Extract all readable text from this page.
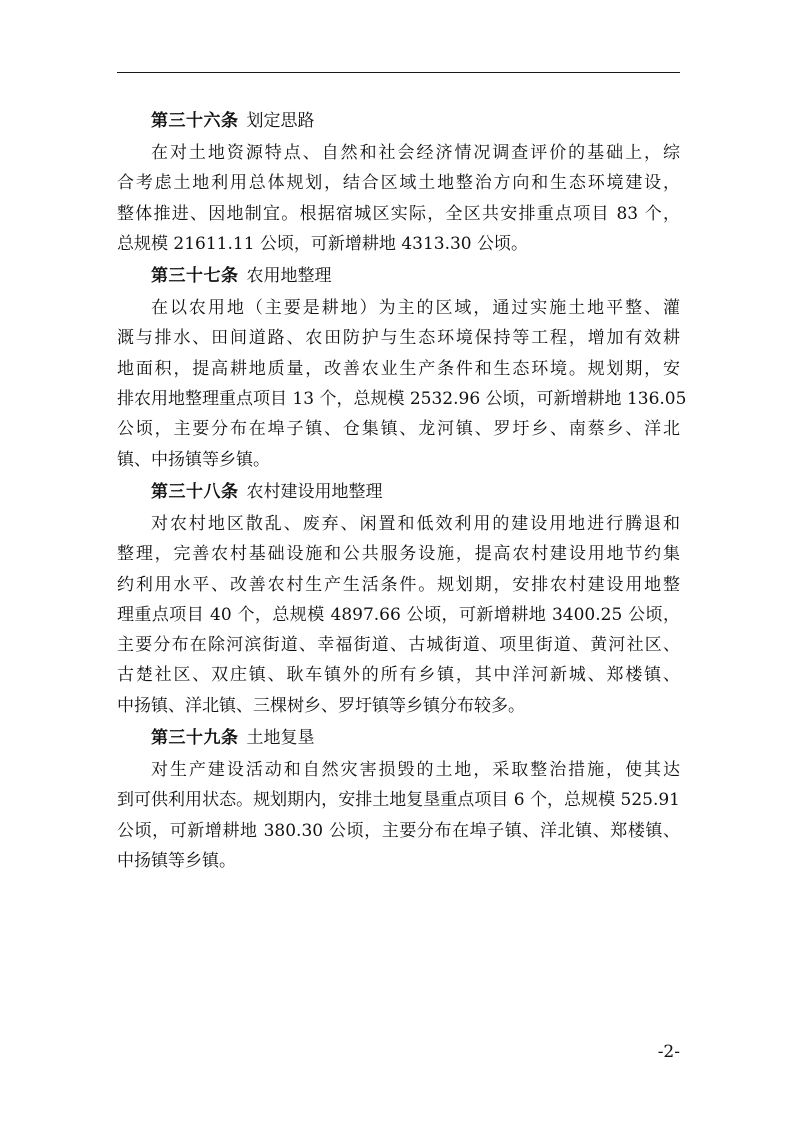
第三十六条 划定思路

在对土地资源特点、自然和社会经济情况调查评价的基础上，综
合考虑土地利用总体规划，结合区域土地整治方向和生态环境建设，
整体推进、因地制宜。根据宿城区实际，全区共安排重点项目 83 个，
总规模 21611.11 公顷，可新增耕地 4313.30 公顷。

第三十七条 农用地整理

在以农用地（主要是耕地）为主的区域，通过实施土地平整、灌
溉与排水、田间道路、农田防护与生态环境保持等工程，增加有效耕
地面积，提高耕地质量，改善农业生产条件和生态环境。规划期，安
排农用地整理重点项目 13 个，总规模 2532.96 公顷，可新增耕地 136.05
公顷，主要分布在埠子镇、仓集镇、龙河镇、罗圩乡、南蔡乡、洋北
镇、中扬镇等乡镇。

第三十八条 农村建设用地整理

对农村地区散乱、废弃、闲置和低效利用的建设用地进行腾退和
整理，完善农村基础设施和公共服务设施，提高农村建设用地节约集
约利用水平、改善农村生产生活条件。规划期，安排农村建设用地整
理重点项目 40 个，总规模 4897.66 公顷，可新增耕地 3400.25 公顷，
主要分布在除河滨街道、幸福街道、古城街道、项里街道、黄河社区、
古楚社区、双庄镇、耿车镇外的所有乡镇，其中洋河新城、郑楼镇、
中扬镇、洋北镇、三棵树乡、罗圩镇等乡镇分布较多。

第三十九条 土地复垦

对生产建设活动和自然灾害损毁的土地，采取整治措施，使其达
到可供利用状态。规划期内，安排土地复垦重点项目 6 个，总规模 525.91
公顷，可新增耕地 380.30 公顷，主要分布在埠子镇、洋北镇、郑楼镇、
中扬镇等乡镇。

-2-
